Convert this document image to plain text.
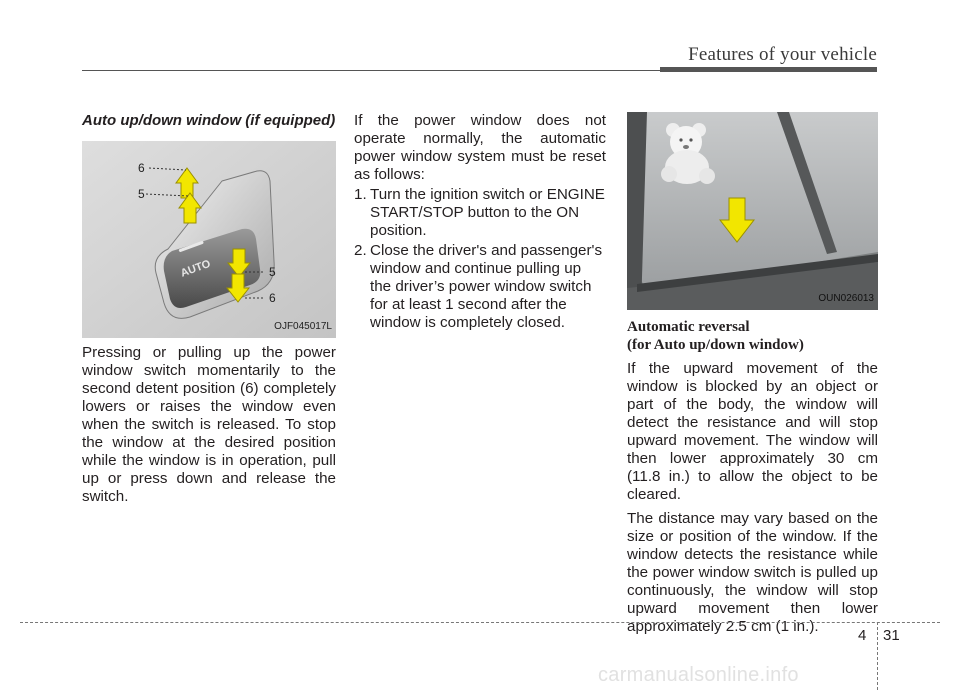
Features of your vehicle
Auto up/down window (if equipped)
AUTO
6
5
5
6
OJF045017L

Pressing or pulling up the power window switch momentarily to the second detent position (6) completely lowers or raises the window even when the switch is released. To stop the window at the desired position while the window is in operation, pull up or press down and release the switch.

If the power window does not operate normally, the automatic power window system must be reset as follows:

1. Turn the ignition switch or ENGINE START/STOP button to the ON position.
2. Close the driver's and passenger's window and continue pulling up the driver’s power window switch for at least 1 second after the window is completely closed.
OUN026013
Automatic reversal
(for Auto up/down window)

If the upward movement of the window is blocked by an object or part of the body, the window will detect the resistance and will stop upward movement. The window will then lower approximately 30 cm (11.8 in.) to allow the object to be cleared.

The distance may vary based on the size or position of the window. If the window detects the resistance while the power window switch is pulled up continuously, the window will stop upward movement then lower approximately 2.5 cm (1 in.).

4 31
carmanualsonline.info
